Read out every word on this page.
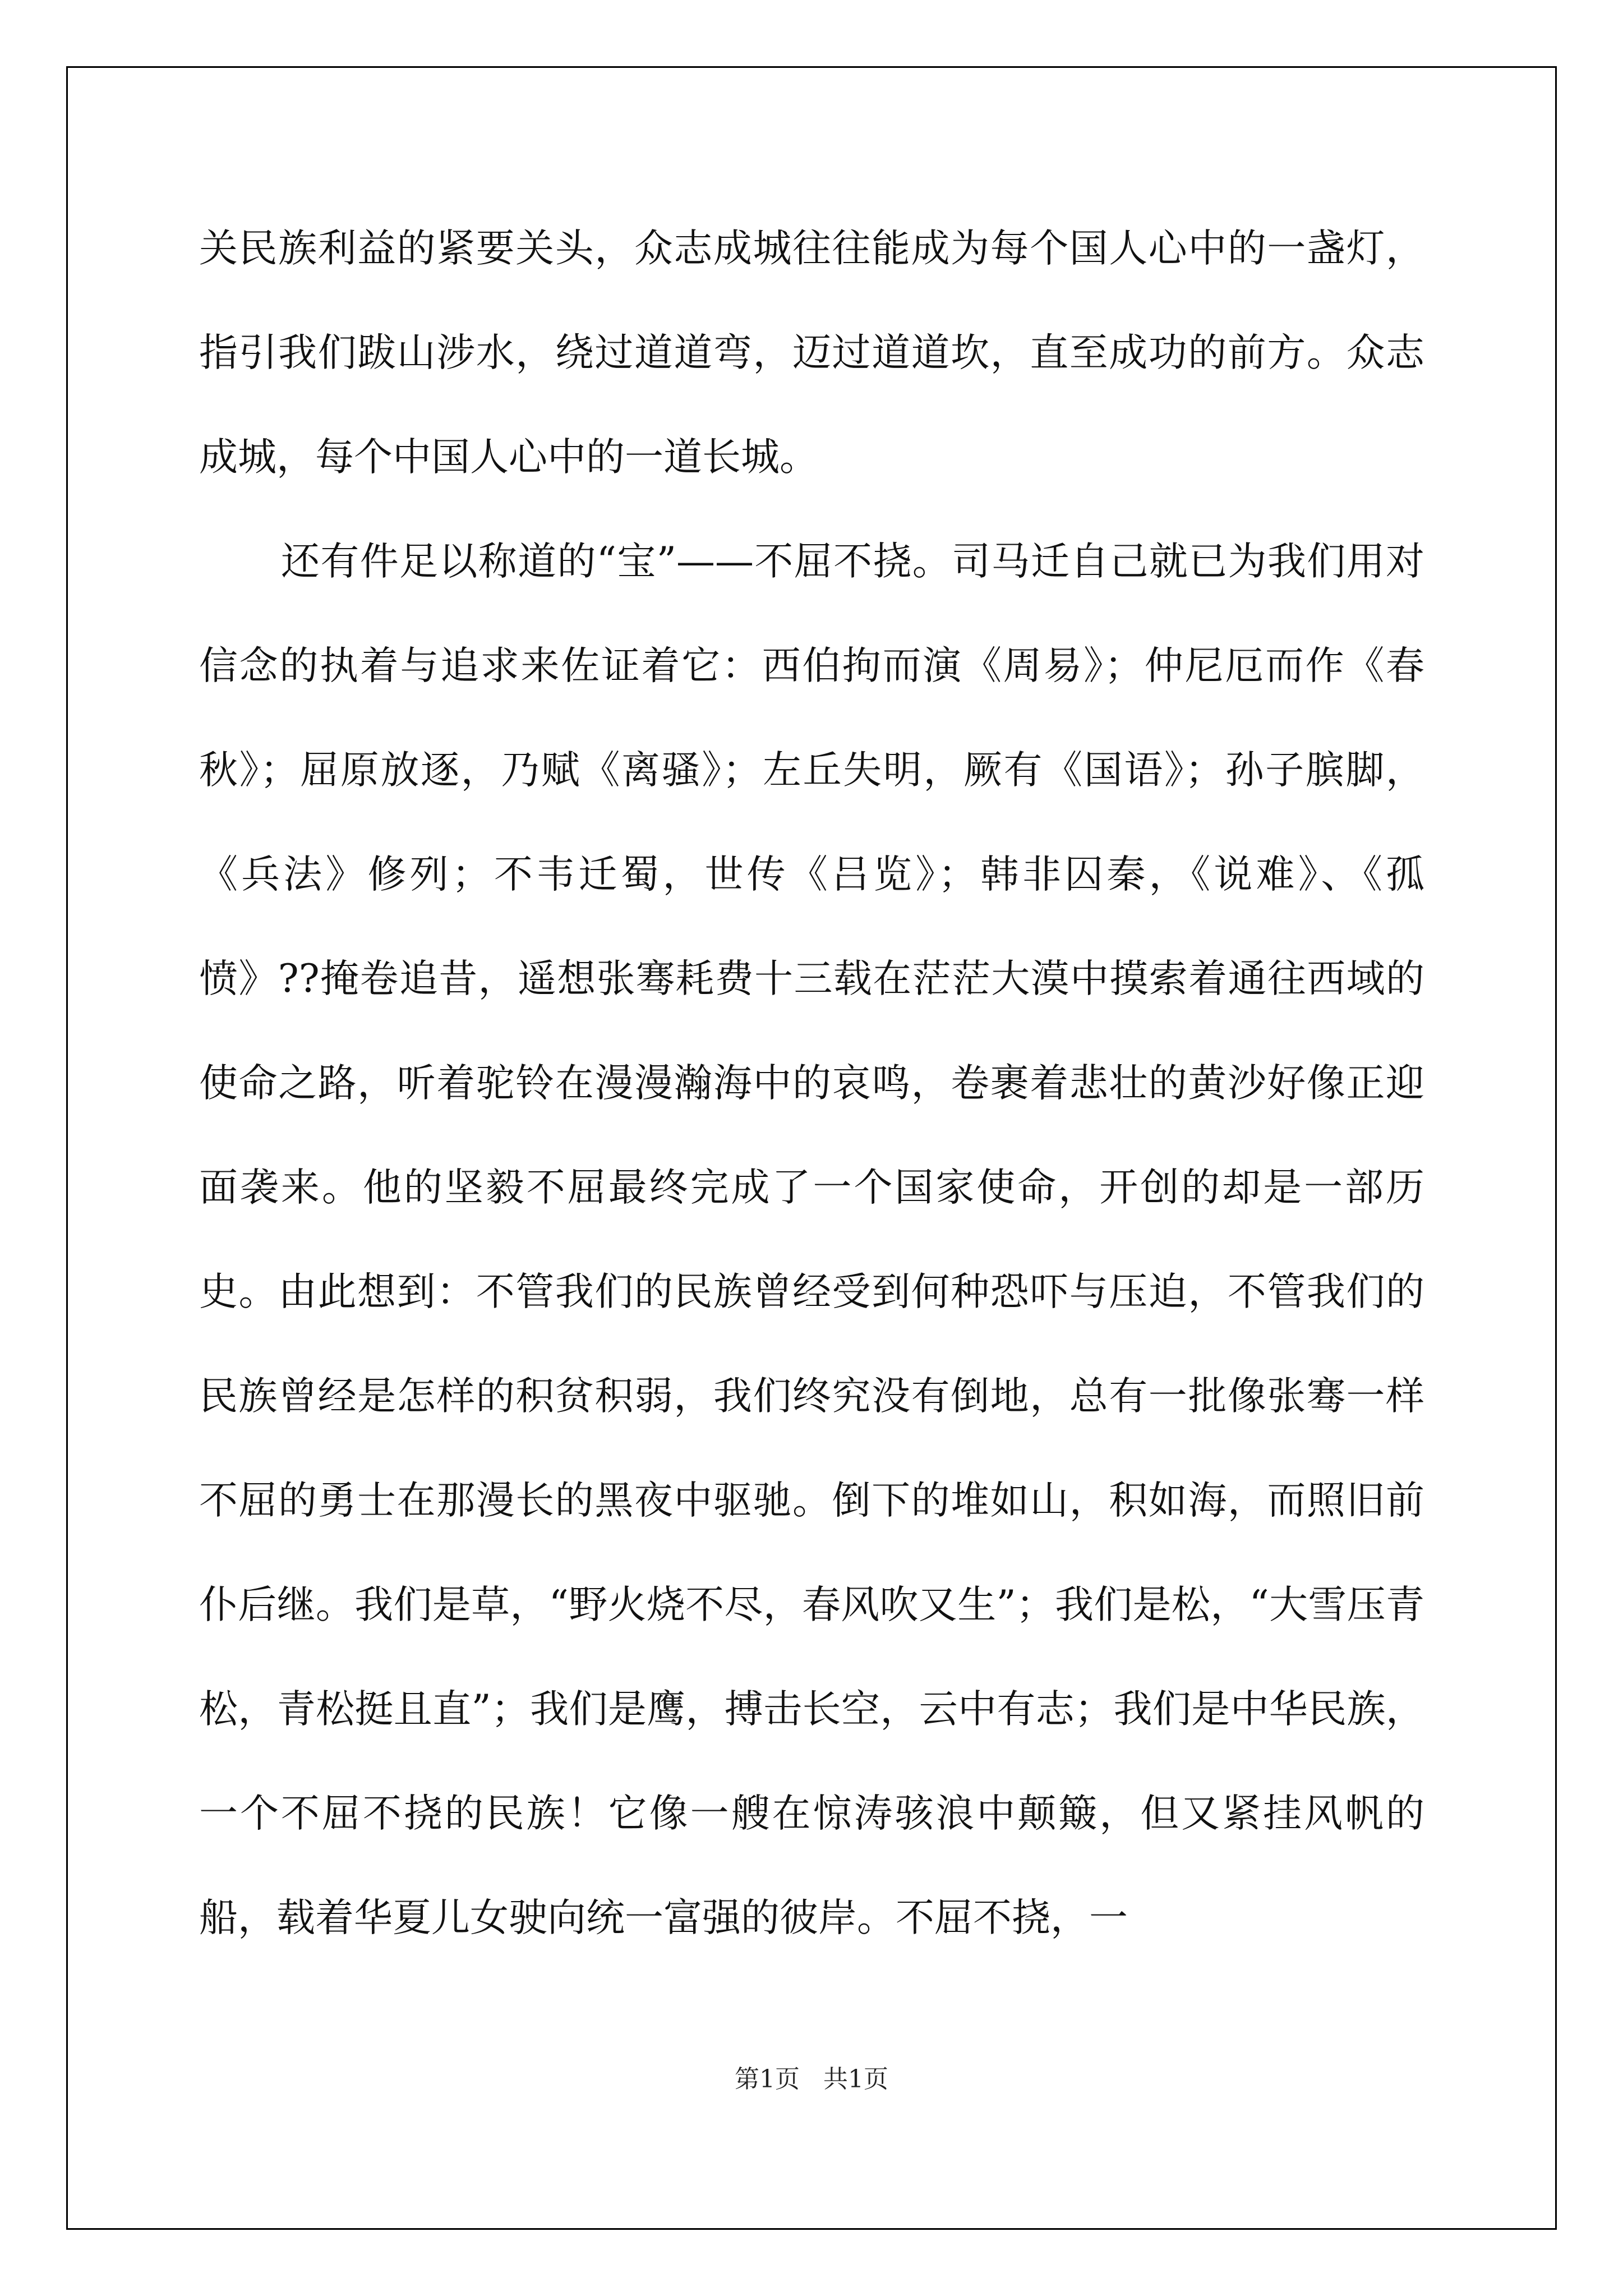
关民族利益的紧要关头，众志成城往往能成为每个国人心中的一盏灯，指引我们跋山涉水，绕过道道弯，迈过道道坎，直至成功的前方。众志成城，每个中国人心中的一道长城。

还有件足以称道的“宝”——不屈不挠。司马迁自己就已为我们用对信念的执着与追求来佐证着它：西伯拘而演《周易》；仲尼厄而作《春秋》；屈原放逐，乃赋《离骚》；左丘失明，厥有《国语》；孙子膑脚，《兵法》修列；不韦迁蜀，世传《吕览》；韩非囚秦，《说难》、《孤愤》??掩卷追昔，遥想张骞耗费十三载在茫茫大漠中摸索着通往西域的使命之路，听着驼铃在漫漫瀚海中的哀鸣，卷裹着悲壮的黄沙好像正迎面袭来。他的坚毅不屈最终完成了一个国家使命，开创的却是一部历史。由此想到：不管我们的民族曾经受到何种恐吓与压迫，不管我们的民族曾经是怎样的积贫积弱，我们终究没有倒地，总有一批像张骞一样不屈的勇士在那漫长的黑夜中驱驰。倒下的堆如山，积如海，而照旧前仆后继。我们是草，“野火烧不尽，春风吹又生”；我们是松，“大雪压青松，青松挺且直”；我们是鹰，搏击长空，云中有志；我们是中华民族，一个不屈不挠的民族！它像一艘在惊涛骇浪中颠簸，但又紧挂风帆的船，载着华夏儿女驶向统一富强的彼岸。不屈不挠，一

第1页   共1页
